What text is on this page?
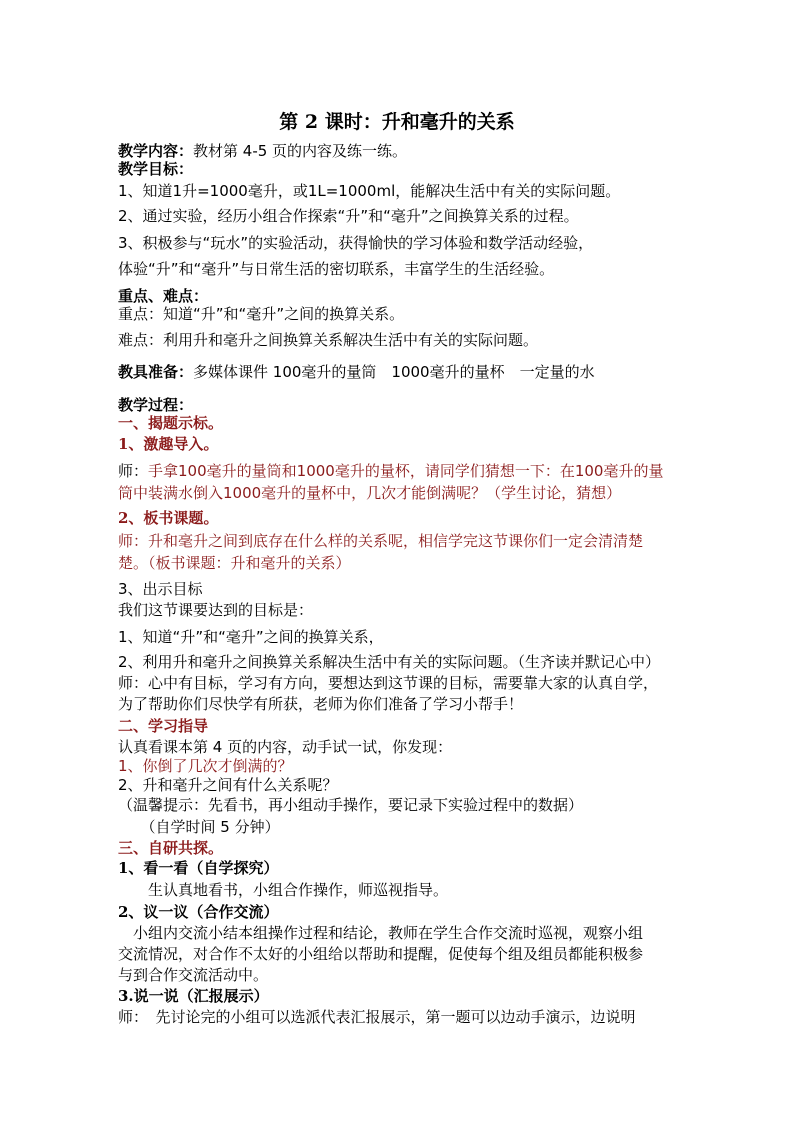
第 2 课时：升和毫升的关系
教学内容：教材第 4-5 页的内容及练一练。
教学目标：
1、知道1升=1000毫升，或1L=1000ml，能解决生活中有关的实际问题。
2、通过实验，经历小组合作探索“升”和“毫升”之间换算关系的过程。
3、积极参与“玩水”的实验活动，获得愉快的学习体验和数学活动经验，
体验“升”和“毫升”与日常生活的密切联系，丰富学生的生活经验。
重点、难点：
重点：知道“升”和“毫升”之间的换算关系。
难点：利用升和毫升之间换算关系解决生活中有关的实际问题。
教具准备：多媒体课件 100毫升的量筒　1000毫升的量杯　一定量的水
教学过程：
一、揭题示标。
1、激趣导入。
师：手拿100毫升的量筒和1000毫升的量杯，请同学们猜想一下：在100毫升的量
筒中装满水倒入1000毫升的量杯中，几次才能倒满呢？（学生讨论，猜想）
2、板书课题。
师：升和毫升之间到底存在什么样的关系呢，相信学完这节课你们一定会清清楚
楚。（板书课题：升和毫升的关系）
3、出示目标
我们这节课要达到的目标是：
1、知道“升”和“毫升”之间的换算关系，
2、利用升和毫升之间换算关系解决生活中有关的实际问题。（生齐读并默记心中）
师：心中有目标，学习有方向，要想达到这节课的目标，需要靠大家的认真自学，
为了帮助你们尽快学有所获，老师为你们准备了学习小帮手！
二、学习指导
认真看课本第 4 页的内容，动手试一试，你发现：
1、你倒了几次才倒满的？
2、升和毫升之间有什么关系呢？
（温馨提示：先看书，再小组动手操作，要记录下实验过程中的数据）
　　（自学时间 5 分钟）
三、自研共探。
1、看一看（自学探究）
　　生认真地看书，小组合作操作，师巡视指导。
2、议一议（合作交流）
　小组内交流小结本组操作过程和结论，教师在学生合作交流时巡视，观察小组
交流情况，对合作不太好的小组给以帮助和提醒，促使每个组及组员都能积极参
与到合作交流活动中。
3.说一说（汇报展示）
师：　先讨论完的小组可以选派代表汇报展示，第一题可以边动手演示，边说明
